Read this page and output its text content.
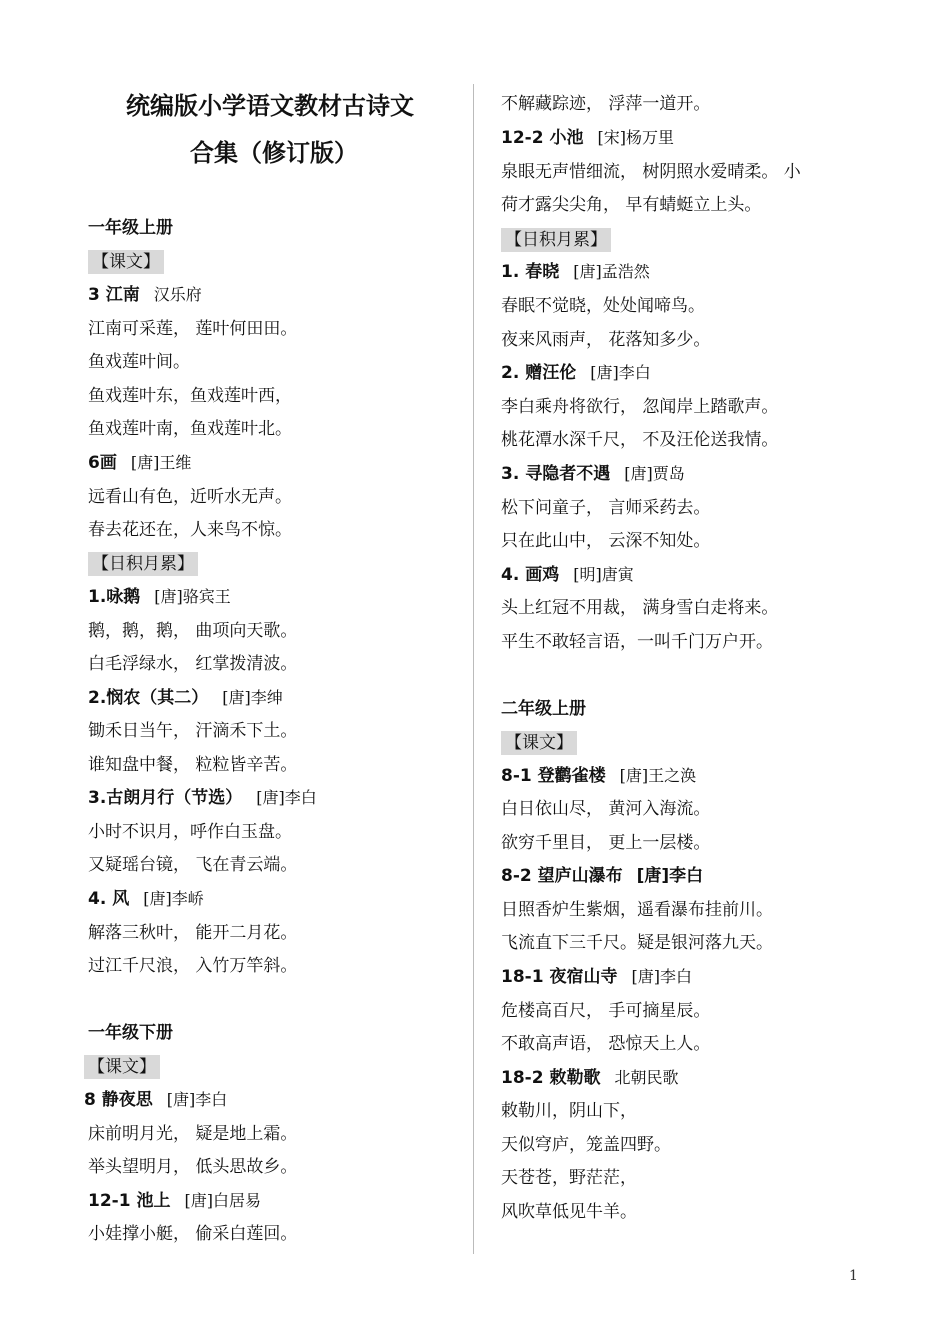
统编版小学语文教材古诗文
合集（修订版）
一年级上册
【课文】
3 江南 汉乐府
江南可采莲， 莲叶何田田。
鱼戏莲叶间。
鱼戏莲叶东，鱼戏莲叶西，
鱼戏莲叶南，鱼戏莲叶北。
6画 [唐]王维
远看山有色，近听水无声。
春去花还在，人来鸟不惊。
【日积月累】
1.咏鹅 [唐]骆宾王
鹅，鹅，鹅， 曲项向天歌。
白毛浮绿水， 红掌拨清波。
2.悯农（其二） [唐]李绅
锄禾日当午， 汗滴禾下土。
谁知盘中餐， 粒粒皆辛苦。
3.古朗月行（节选） [唐]李白
小时不识月，呼作白玉盘。
又疑瑶台镜， 飞在青云端。
4. 风 [唐]李峤
解落三秋叶， 能开二月花。
过江千尺浪， 入竹万竿斜。
一年级下册
【课文】
8 静夜思 [唐]李白
床前明月光， 疑是地上霜。
举头望明月， 低头思故乡。
12-1 池上 [唐]白居易
小娃撑小艇， 偷采白莲回。
不解藏踪迹， 浮萍一道开。
12-2 小池 [宋]杨万里
泉眼无声惜细流， 树阴照水爱晴柔。 小
荷才露尖尖角， 早有蜻蜓立上头。
【日积月累】
1. 春晓 [唐]孟浩然
春眠不觉晓，处处闻啼鸟。
夜来风雨声， 花落知多少。
2. 赠汪伦 [唐]李白
李白乘舟将欲行， 忽闻岸上踏歌声。
桃花潭水深千尺， 不及汪伦送我情。
3. 寻隐者不遇 [唐]贾岛
松下问童子， 言师采药去。
只在此山中， 云深不知处。
4. 画鸡 [明]唐寅
头上红冠不用裁， 满身雪白走将来。
平生不敢轻言语，一叫千门万户开。
二年级上册
【课文】
8-1 登鹳雀楼 [唐]王之涣
白日依山尽， 黄河入海流。
欲穷千里目， 更上一层楼。
8-2 望庐山瀑布 [唐]李白
日照香炉生紫烟，遥看瀑布挂前川。
飞流直下三千尺。疑是银河落九天。
18-1 夜宿山寺 [唐]李白
危楼高百尺， 手可摘星辰。
不敢高声语， 恐惊天上人。
18-2 敕勒歌 北朝民歌
敕勒川，阴山下，
天似穹庐，笼盖四野。
天苍苍，野茫茫，
风吹草低见牛羊。
1
